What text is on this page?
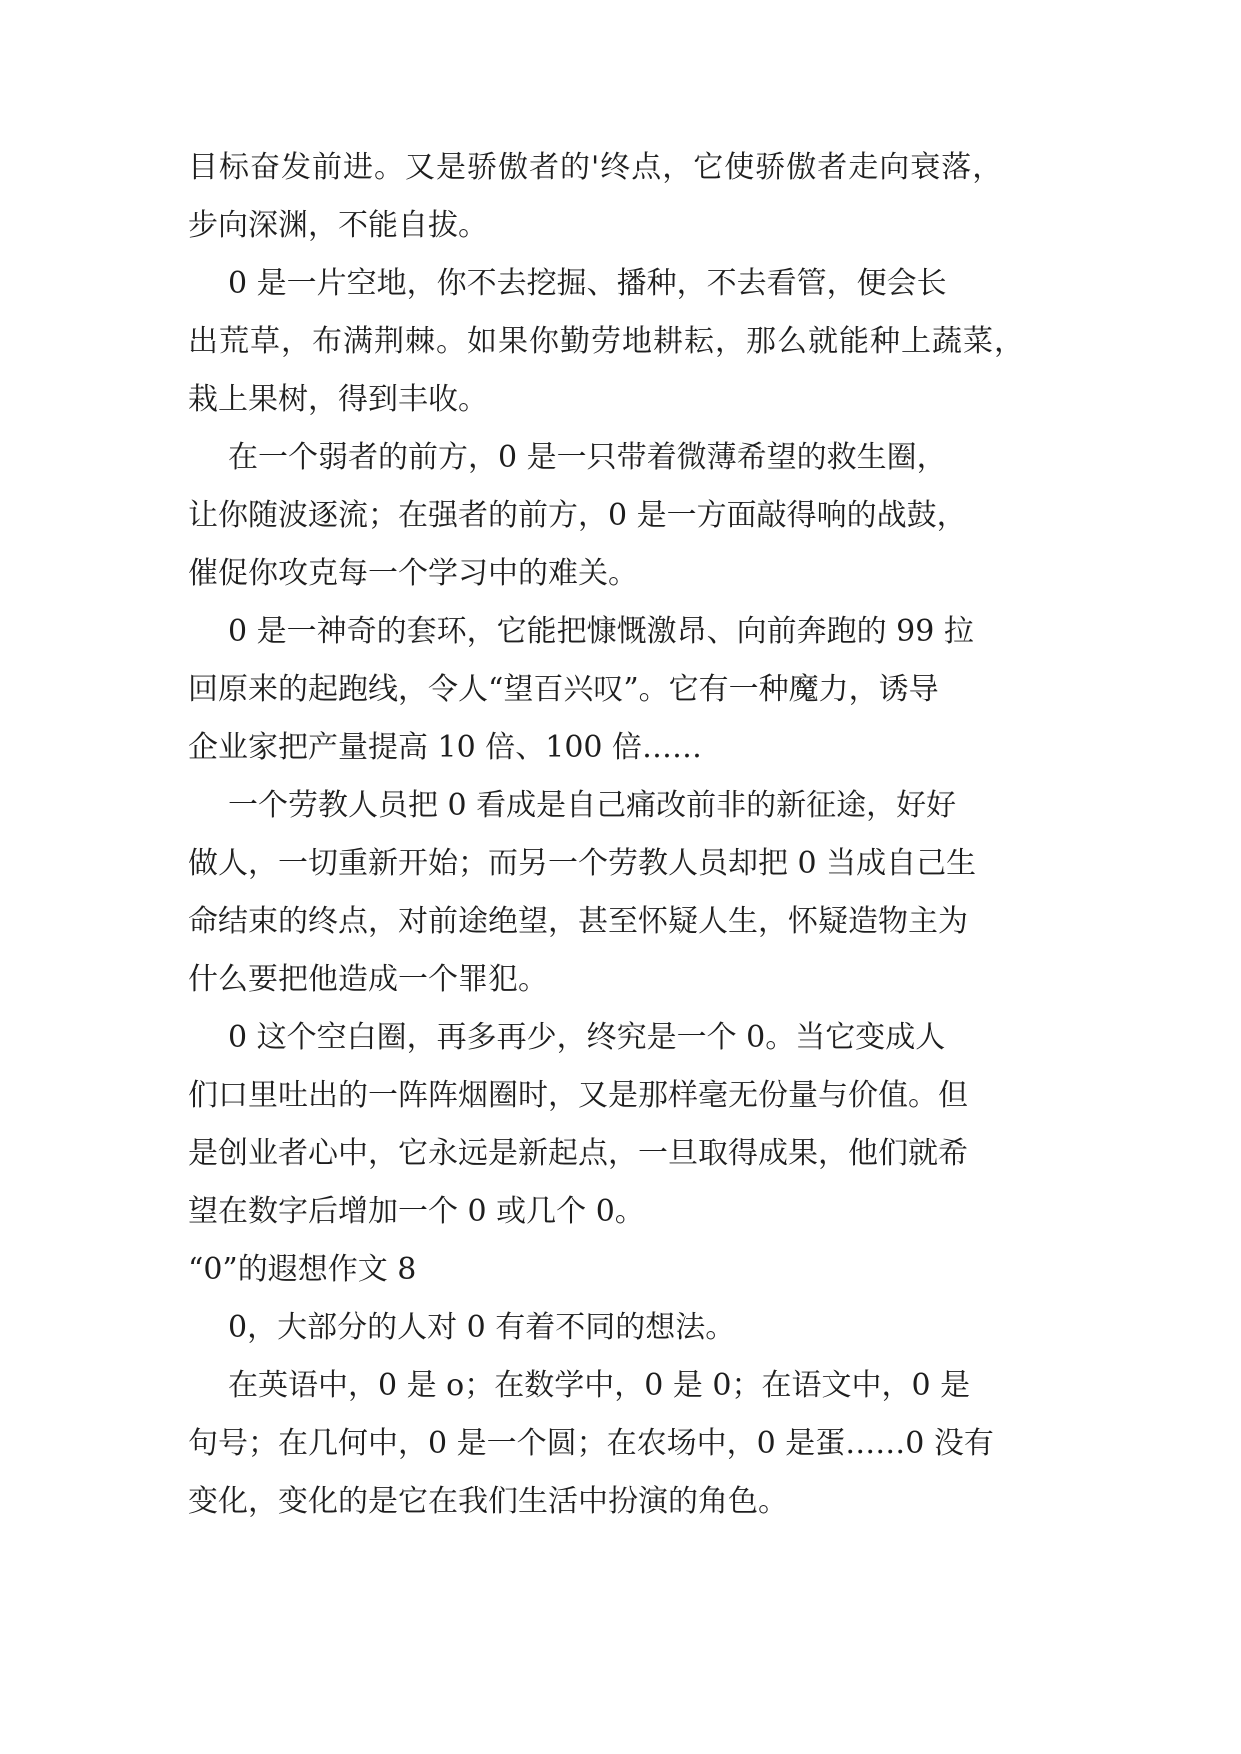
目标奋发前进。又是骄傲者的'终点，它使骄傲者走向衰落，
步向深渊，不能自拔。
0 是一片空地，你不去挖掘、播种，不去看管，便会长
出荒草，布满荆棘。如果你勤劳地耕耘，那么就能种上蔬菜，
栽上果树，得到丰收。
在一个弱者的前方，0 是一只带着微薄希望的救生圈，
让你随波逐流；在强者的前方，0 是一方面敲得响的战鼓，
催促你攻克每一个学习中的难关。
0 是一神奇的套环，它能把慷慨激昂、向前奔跑的 99 拉
回原来的起跑线，令人“望百兴叹”。它有一种魔力，诱导
企业家把产量提高 10 倍、100 倍……
一个劳教人员把 0 看成是自己痛改前非的新征途，好好
做人，一切重新开始；而另一个劳教人员却把 0 当成自己生
命结束的终点，对前途绝望，甚至怀疑人生，怀疑造物主为
什么要把他造成一个罪犯。
0 这个空白圈，再多再少，终究是一个 0。当它变成人
们口里吐出的一阵阵烟圈时，又是那样毫无份量与价值。但
是创业者心中，它永远是新起点，一旦取得成果，他们就希
望在数字后增加一个 0 或几个 0。
“0”的遐想作文 8
0，大部分的人对 0 有着不同的想法。
在英语中，0 是 o；在数学中，0 是 0；在语文中，0 是
句号；在几何中，0 是一个圆；在农场中，0 是蛋……0 没有
变化，变化的是它在我们生活中扮演的角色。
